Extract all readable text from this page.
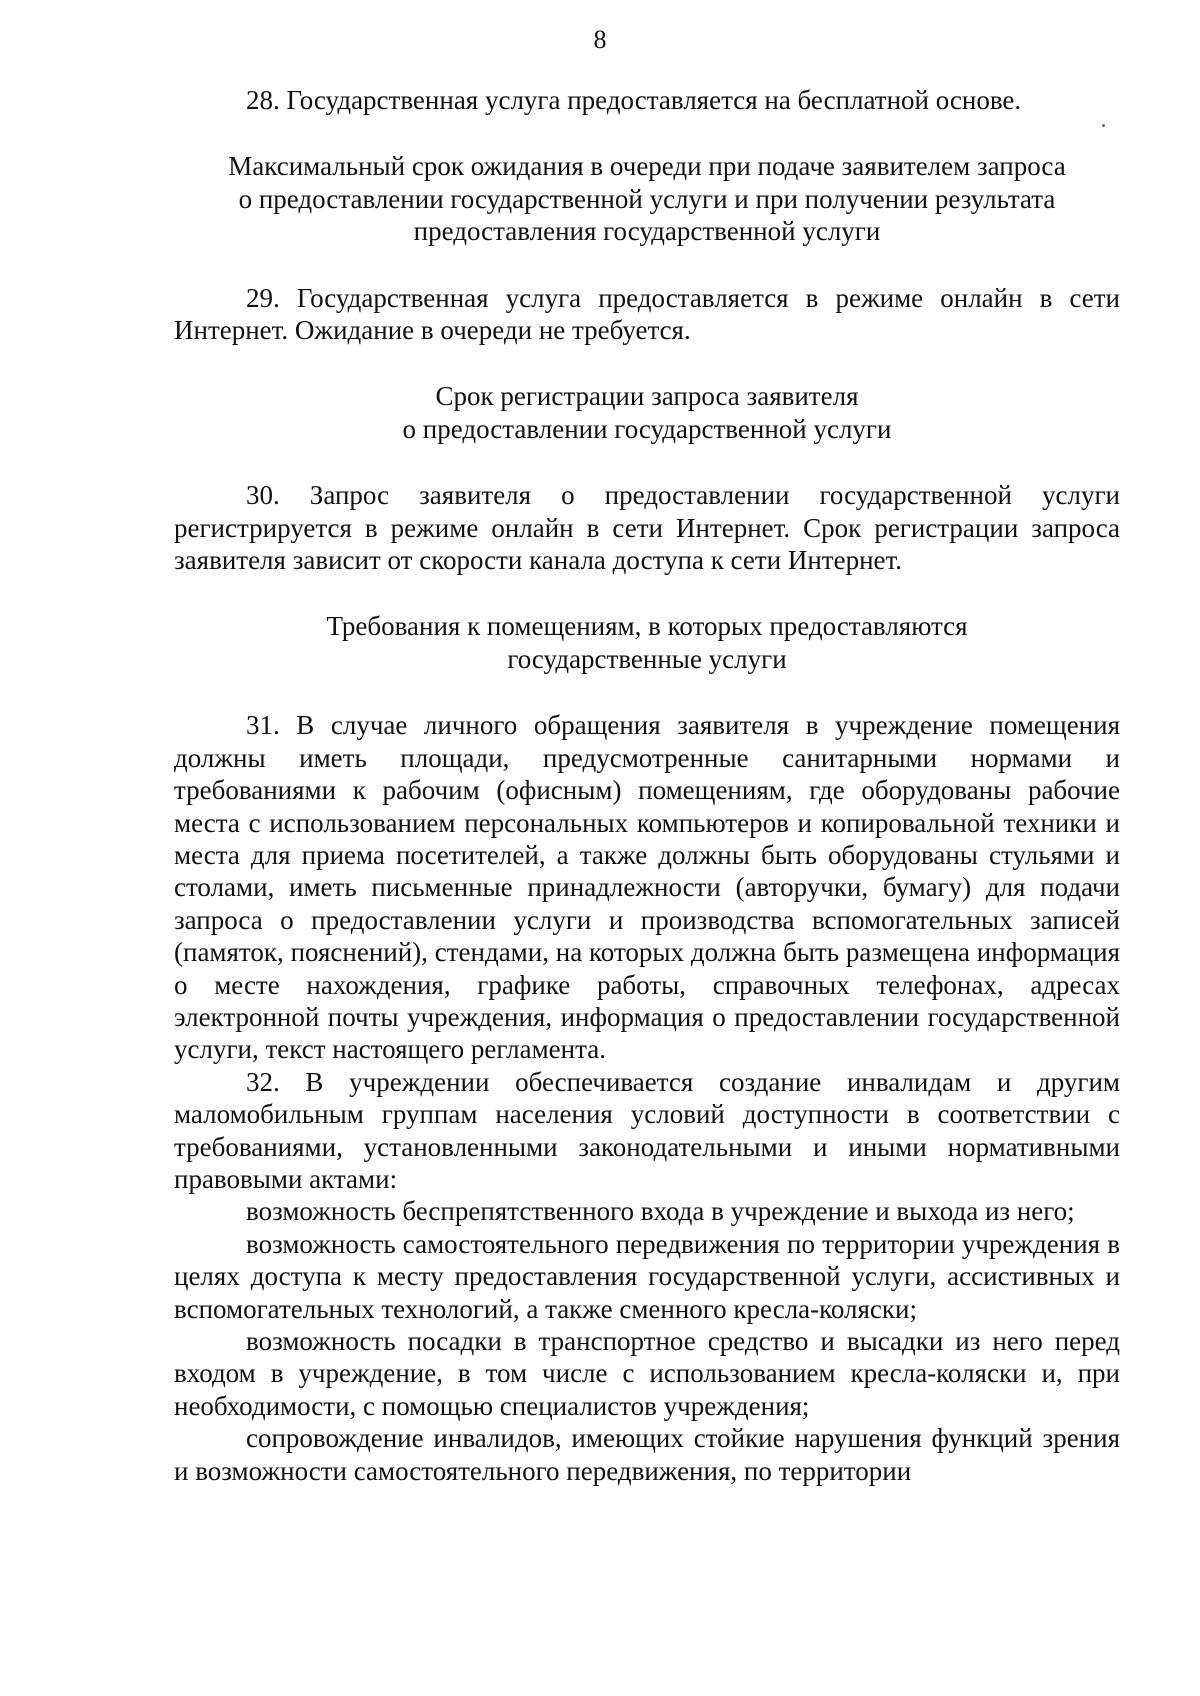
8

28. Государственная услуга предоставляется на бесплатной основе.

Максимальный срок ожидания в очереди при подаче заявителем запроса
о предоставлении государственной услуги и при получении результата
предоставления государственной услуги

29. Государственная услуга предоставляется в режиме онлайн в сети Интернет. Ожидание в очереди не требуется.

Срок регистрации запроса заявителя
о предоставлении государственной услуги

30. Запрос заявителя о предоставлении государственной услуги регистрируется в режиме онлайн в сети Интернет. Срок регистрации запроса заявителя зависит от скорости канала доступа к сети Интернет.

Требования к помещениям, в которых предоставляются
государственные услуги

31. В случае личного обращения заявителя в учреждение помещения должны иметь площади, предусмотренные санитарными нормами и требованиями к рабочим (офисным) помещениям, где оборудованы рабочие места с использованием персональных компьютеров и копировальной техники и места для приема посетителей, а также должны быть оборудованы стульями и столами, иметь письменные принадлежности (авторучки, бумагу) для подачи запроса о предоставлении услуги и производства вспомогательных записей (памяток, пояснений), стендами, на которых должна быть размещена информация о месте нахождения, графике работы, справочных телефонах, адресах электронной почты учреждения, информация о предоставлении государственной услуги, текст настоящего регламента.

32. В учреждении обеспечивается создание инвалидам и другим маломобильным группам населения условий доступности в соответствии с требованиями, установленными законодательными и иными нормативными правовыми актами:

возможность беспрепятственного входа в учреждение и выхода из него;

возможность самостоятельного передвижения по территории учреждения в целях доступа к месту предоставления государственной услуги, ассистивных и вспомогательных технологий, а также сменного кресла-коляски;

возможность посадки в транспортное средство и высадки из него перед входом в учреждение, в том числе с использованием кресла-коляски и, при необходимости, с помощью специалистов учреждения;

сопровождение инвалидов, имеющих стойкие нарушения функций зрения и возможности самостоятельного передвижения, по территории
